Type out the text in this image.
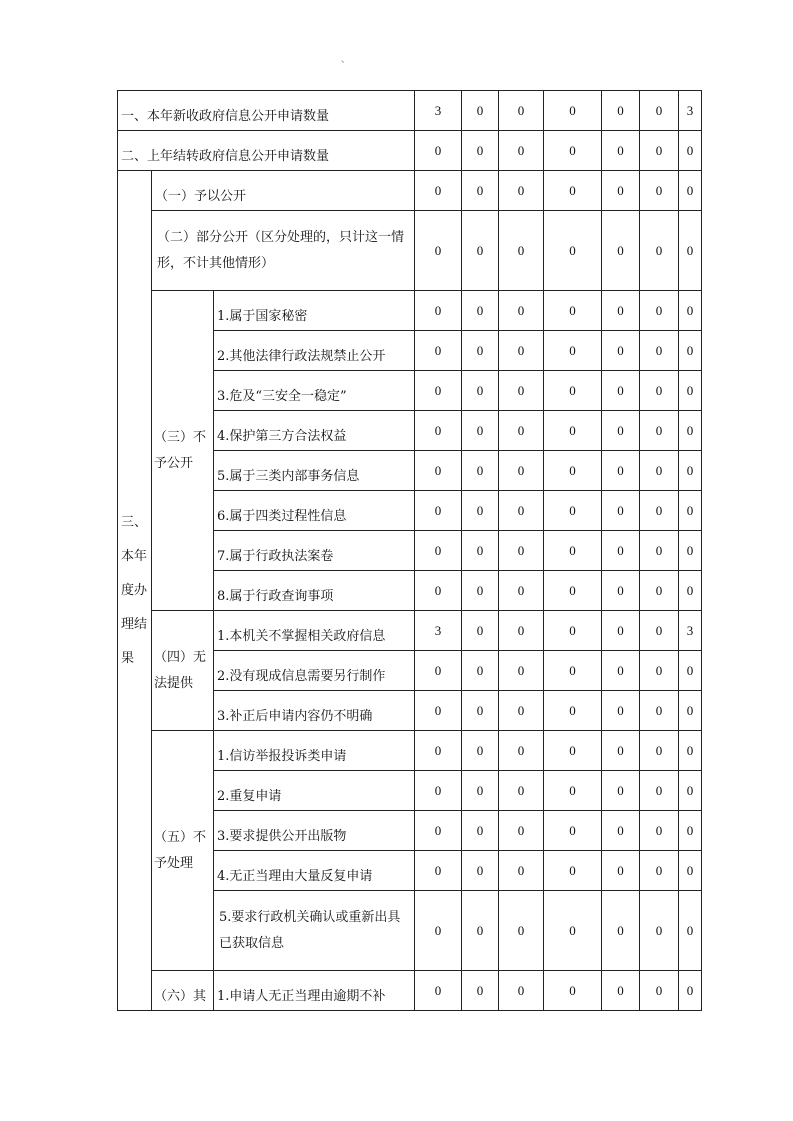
、
一、本年新收政府信息公开申请数量			3	0	0	0	0	0	3
二、上年结转政府信息公开申请数量			0	0	0	0	0	0	0
三、本年度办理结果	（一）予以公开		0	0	0	0	0	0	0
	（二）部分公开（区分处理的，只计这一情形，不计其他情形）		0	0	0	0	0	0	0
	（三）不予公开	1.属于国家秘密	0	0	0	0	0	0	0
		2.其他法律行政法规禁止公开	0	0	0	0	0	0	0
		3.危及“三安全一稳定”	0	0	0	0	0	0	0
		4.保护第三方合法权益	0	0	0	0	0	0	0
		5.属于三类内部事务信息	0	0	0	0	0	0	0
		6.属于四类过程性信息	0	0	0	0	0	0	0
		7.属于行政执法案卷	0	0	0	0	0	0	0
		8.属于行政查询事项	0	0	0	0	0	0	0
	（四）无法提供	1.本机关不掌握相关政府信息	3	0	0	0	0	0	3
		2.没有现成信息需要另行制作	0	0	0	0	0	0	0
		3.补正后申请内容仍不明确	0	0	0	0	0	0	0
	（五）不予处理	1.信访举报投诉类申请	0	0	0	0	0	0	0
		2.重复申请	0	0	0	0	0	0	0
		3.要求提供公开出版物	0	0	0	0	0	0	0
		4.无正当理由大量反复申请	0	0	0	0	0	0	0
		5.要求行政机关确认或重新出具已获取信息	0	0	0	0	0	0	0
	（六）其	1.申请人无正当理由逾期不补	0	0	0	0	0	0	0
